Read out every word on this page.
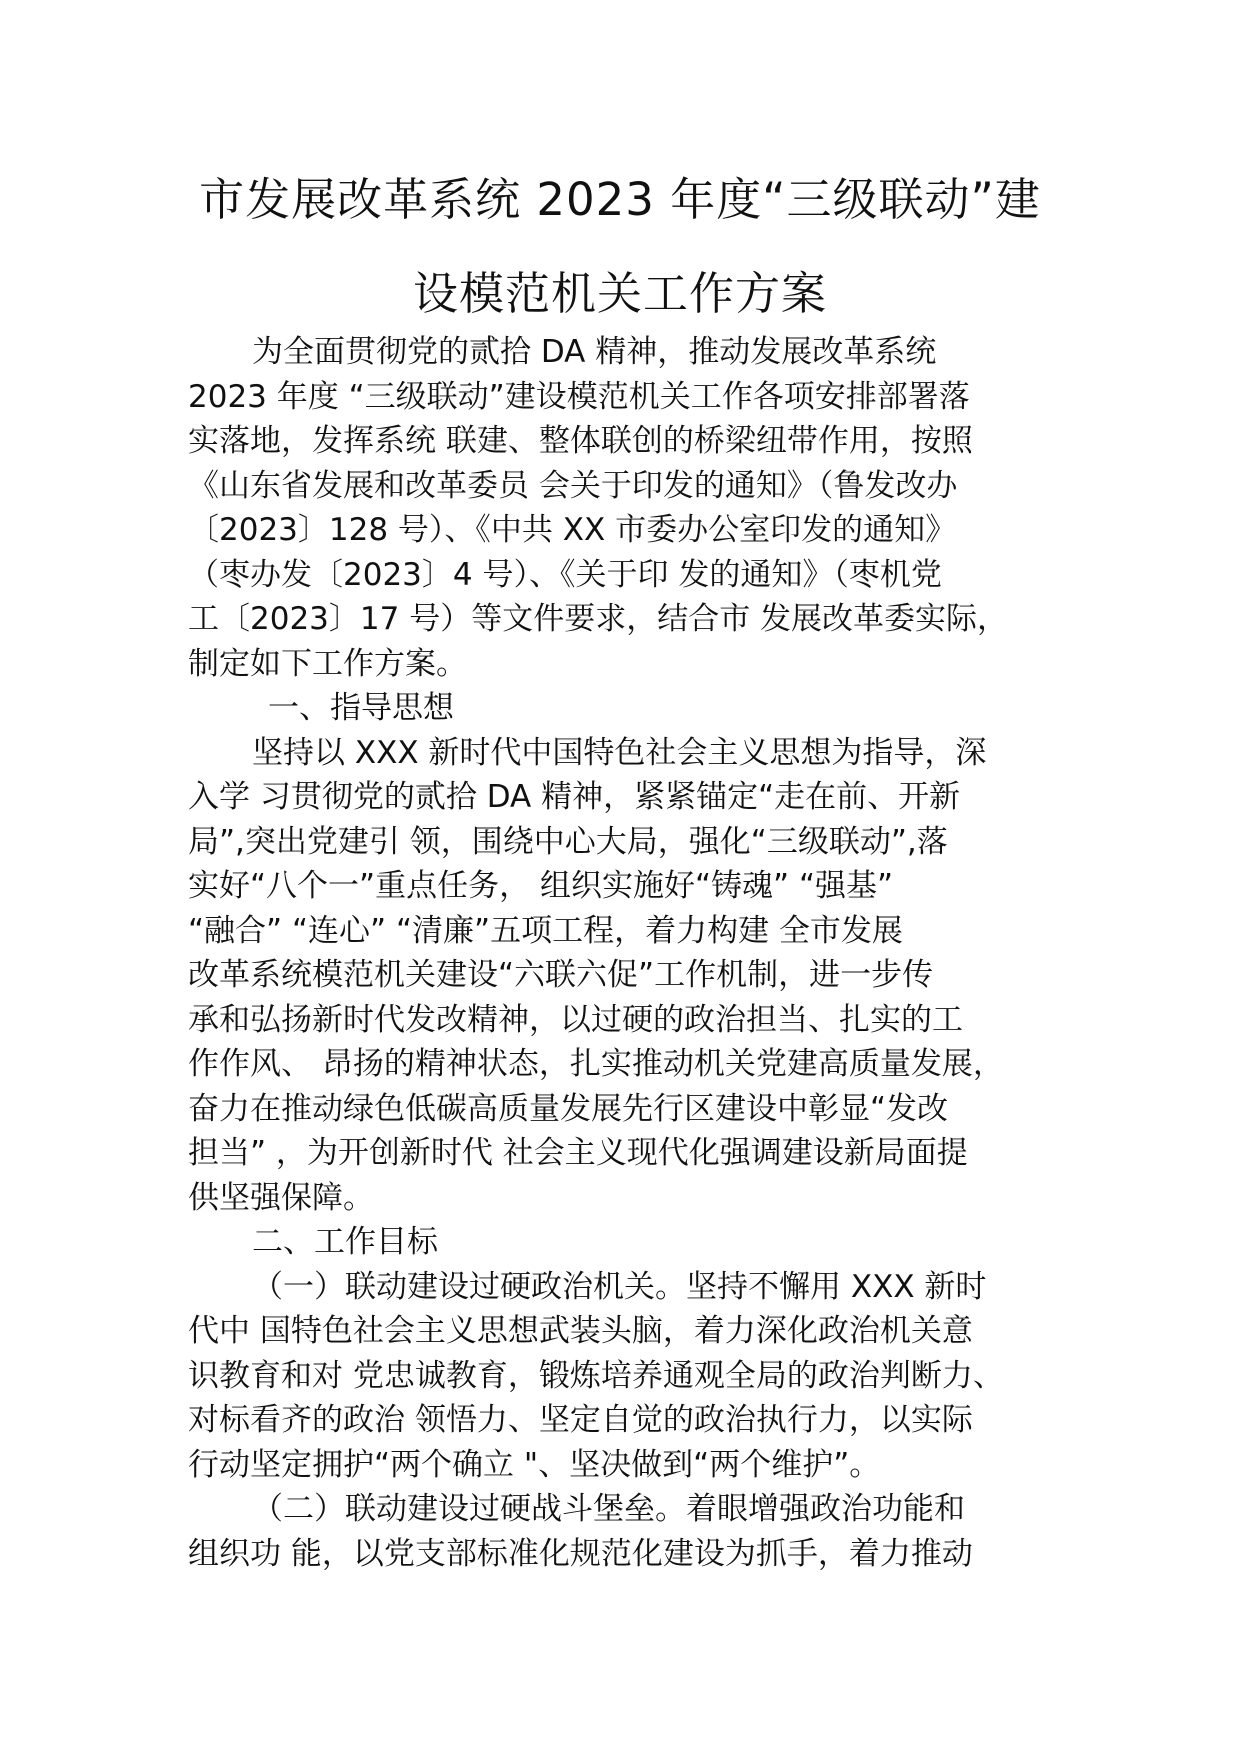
市发展改革系统 2023 年度“三级联动”建
设模范机关工作方案
为全面贯彻党的贰拾 DA 精神，推动发展改革系统
2023 年度 “三级联动”建设模范机关工作各项安排部署落
实落地，发挥系统 联建、整体联创的桥梁纽带作用，按照
《山东省发展和改革委员 会关于印发的通知》（鲁发改办
〔2023〕128 号）、《中共 XX 市委办公室印发的通知》
（枣办发〔2023〕4 号）、《关于印 发的通知》（枣机党
工〔2023〕17 号）等文件要求，结合市 发展改革委实际，
制定如下工作方案。
一、指导思想
坚持以 XXX 新时代中国特色社会主义思想为指导，深
入学 习贯彻党的贰拾 DA 精神，紧紧锚定“走在前、开新
局”,突出党建引 领，围绕中心大局，强化“三级联动”,落
实好“八个一”重点任务， 组织实施好“铸魂” “强基”
“融合” “连心” “清廉”五项工程，着力构建 全市发展
改革系统模范机关建设“六联六促”工作机制，进一步传
承和弘扬新时代发改精神，以过硬的政治担当、扎实的工
作作风、 昂扬的精神状态，扎实推动机关党建高质量发展，
奋力在推动绿色低碳高质量发展先行区建设中彰显“发改
担当” ，为开创新时代 社会主义现代化强调建设新局面提
供坚强保障。
二、工作目标
（一）联动建设过硬政治机关。坚持不懈用 XXX 新时
代中 国特色社会主义思想武装头脑，着力深化政治机关意
识教育和对 党忠诚教育，锻炼培养通观全局的政治判断力、
对标看齐的政治 领悟力、坚定自觉的政治执行力，以实际
行动坚定拥护“两个确立 "、坚决做到“两个维护”。
（二）联动建设过硬战斗堡垒。着眼增强政治功能和
组织功 能，以党支部标准化规范化建设为抓手，着力推动
